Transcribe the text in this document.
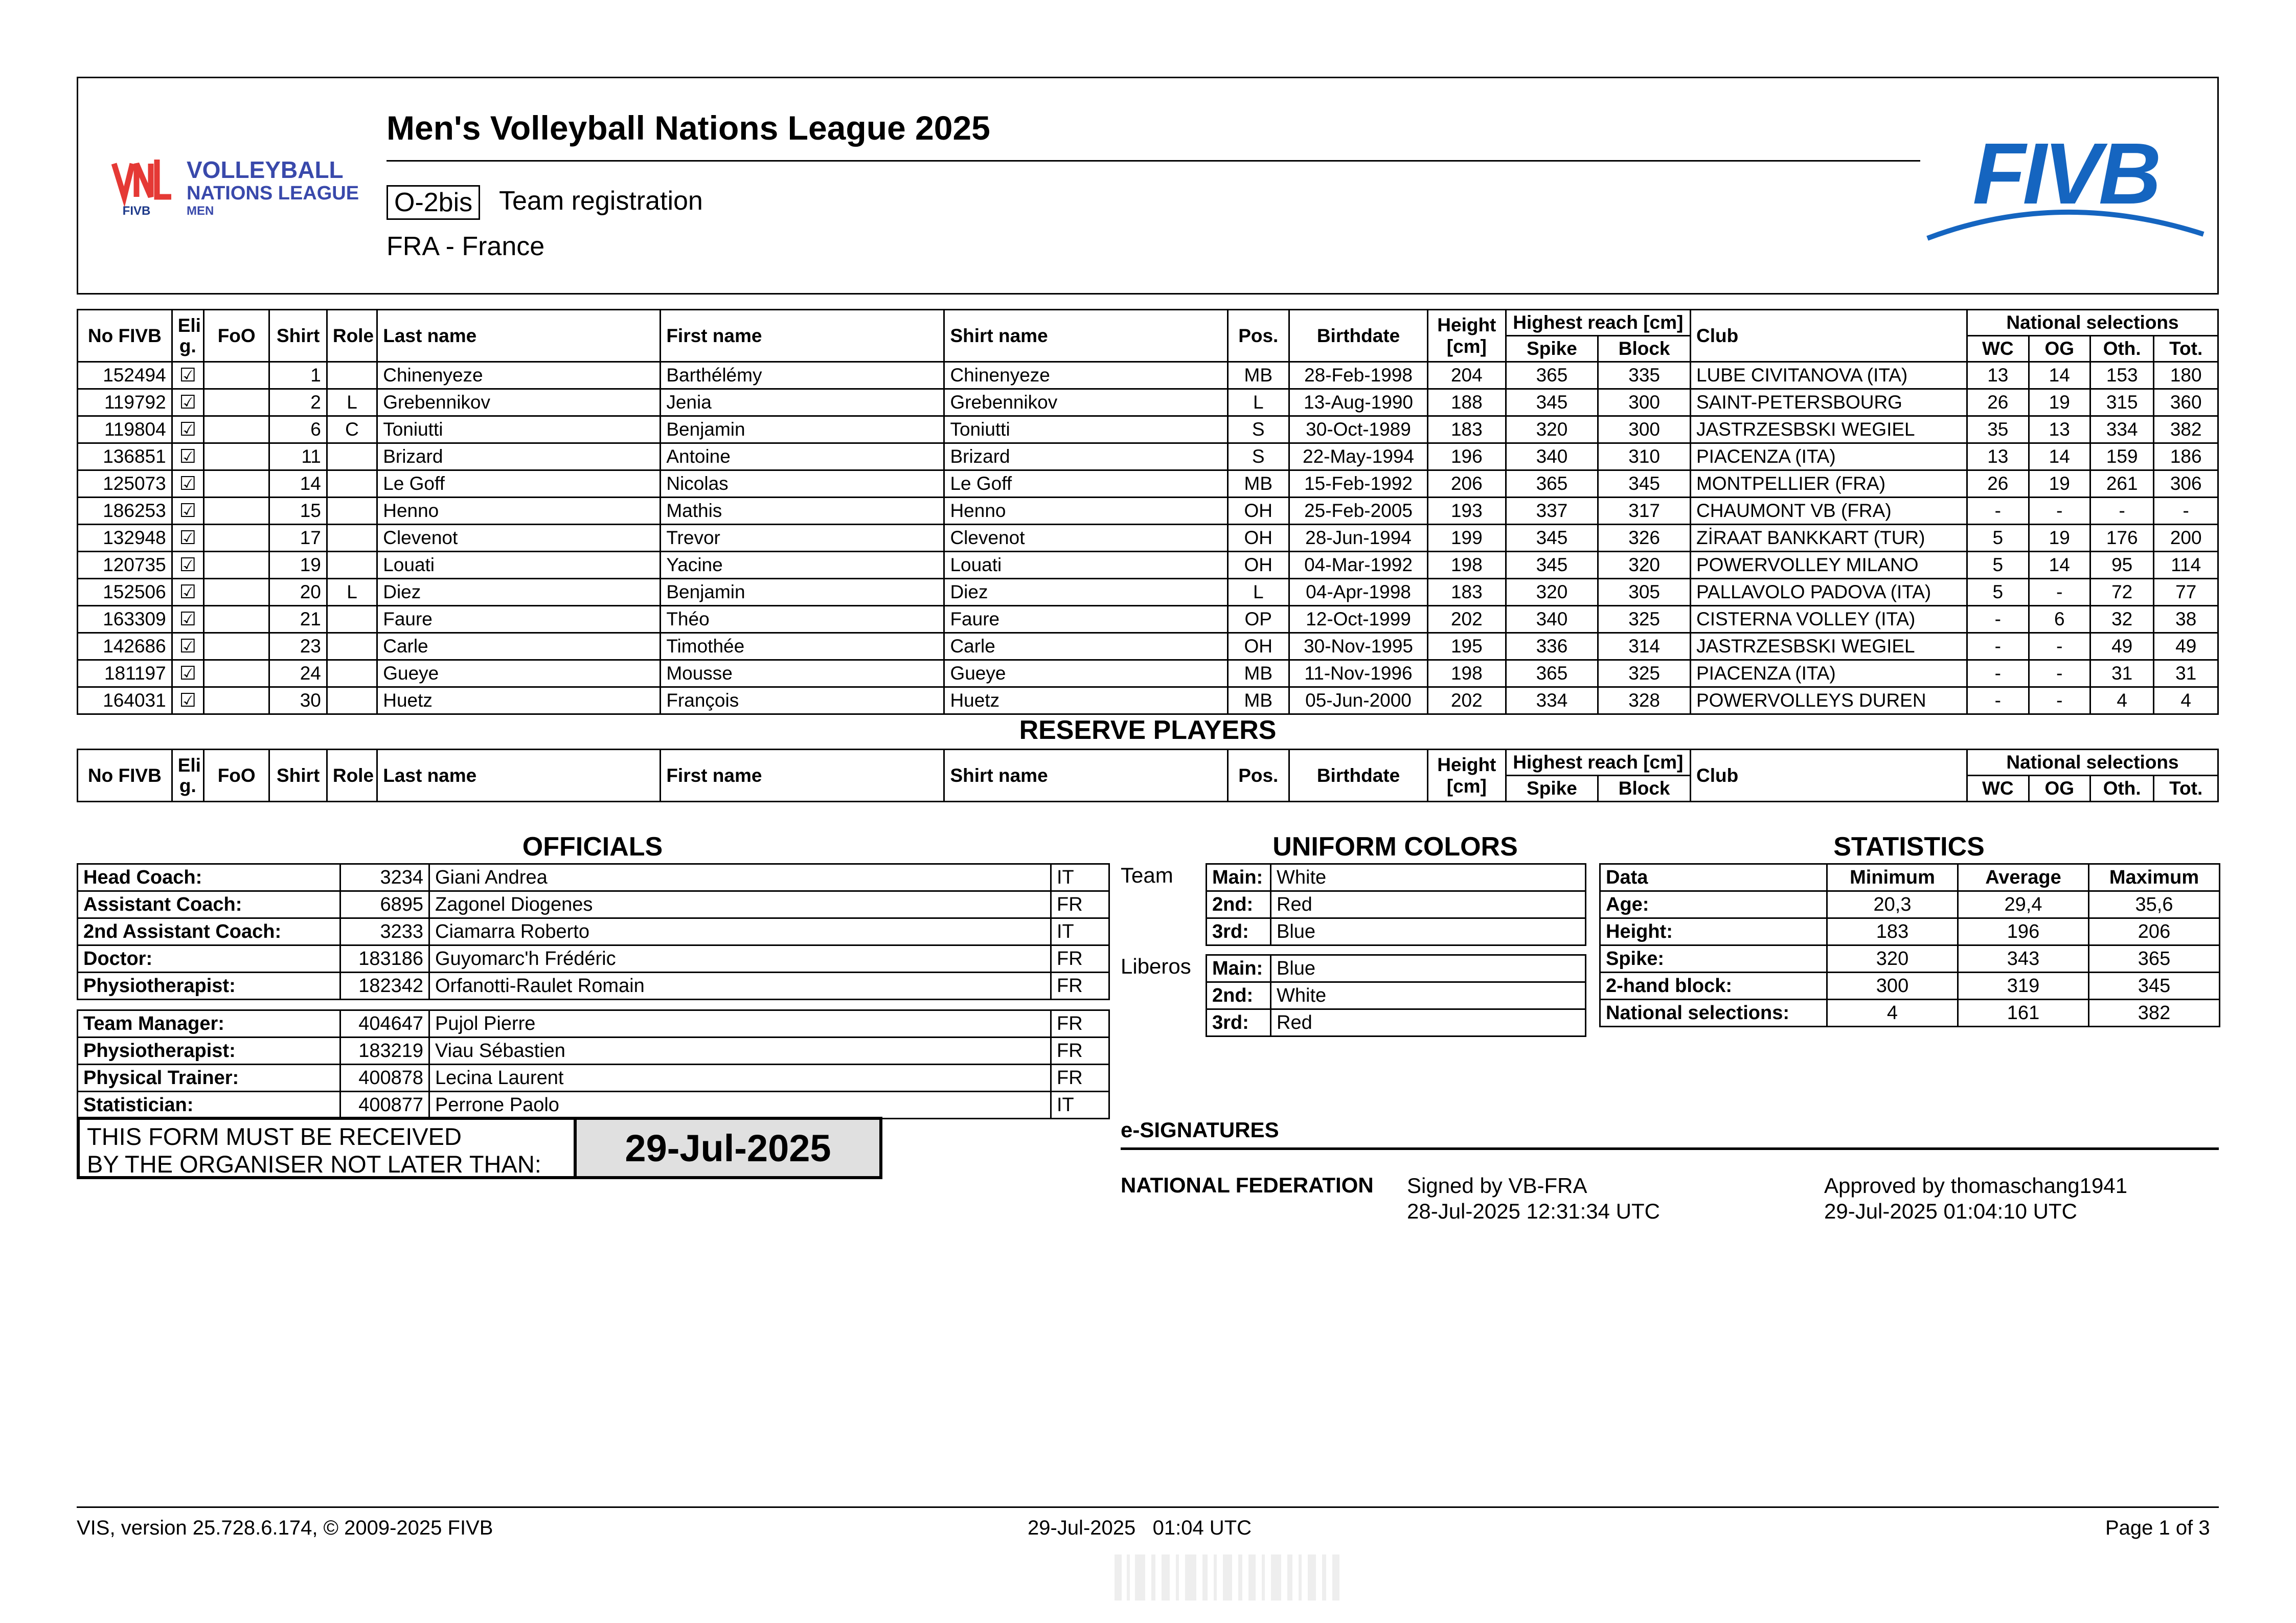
FIVB
VOLLEYBALL
NATIONS LEAGUE
MEN
Men's Volleyball Nations League 2025
O-2bis Team registration
FRA - France
FIVB
No FIVB	Eli g.	FoO	Shirt	Role	Last name	First name	Shirt name	Pos.	Birthdate	Height [cm]	Highest reach [cm]		Club	National selections			
											Spike	Block		WC	OG	Oth.	Tot.
152494	☑		1		Chinenyeze	Barthélémy	Chinenyeze	MB	28-Feb-1998	204	365	335	LUBE CIVITANOVA (ITA)	13	14	153	180
119792	☑		2	L	Grebennikov	Jenia	Grebennikov	L	13-Aug-1990	188	345	300	SAINT-PETERSBOURG	26	19	315	360
119804	☑		6	C	Toniutti	Benjamin	Toniutti	S	30-Oct-1989	183	320	300	JASTRZESBSKI WEGIEL	35	13	334	382
136851	☑		11		Brizard	Antoine	Brizard	S	22-May-1994	196	340	310	PIACENZA (ITA)	13	14	159	186
125073	☑		14		Le Goff	Nicolas	Le Goff	MB	15-Feb-1992	206	365	345	MONTPELLIER (FRA)	26	19	261	306
186253	☑		15		Henno	Mathis	Henno	OH	25-Feb-2005	193	337	317	CHAUMONT VB (FRA)	-	-	-	-
132948	☑		17		Clevenot	Trevor	Clevenot	OH	28-Jun-1994	199	345	326	ZİRAAT BANKKART (TUR)	5	19	176	200
120735	☑		19		Louati	Yacine	Louati	OH	04-Mar-1992	198	345	320	POWERVOLLEY MILANO	5	14	95	114
152506	☑		20	L	Diez	Benjamin	Diez	L	04-Apr-1998	183	320	305	PALLAVOLO PADOVA (ITA)	5	-	72	77
163309	☑		21		Faure	Théo	Faure	OP	12-Oct-1999	202	340	325	CISTERNA VOLLEY (ITA)	-	6	32	38
142686	☑		23		Carle	Timothée	Carle	OH	30-Nov-1995	195	336	314	JASTRZESBSKI WEGIEL	-	-	49	49
181197	☑		24		Gueye	Mousse	Gueye	MB	11-Nov-1996	198	365	325	PIACENZA (ITA)	-	-	31	31
164031	☑		30		Huetz	François	Huetz	MB	05-Jun-2000	202	334	328	POWERVOLLEYS DUREN	-	-	4	4
RESERVE PLAYERS
No FIVB	Eli g.	FoO	Shirt	Role	Last name	First name	Shirt name	Pos.	Birthdate	Height [cm]	Highest reach [cm]		Club	National selections			
											Spike	Block		WC	OG	Oth.	Tot.
OFFICIALS
Head Coach:	3234	Giani Andrea	IT
Assistant Coach:	6895	Zagonel Diogenes	FR
2nd Assistant Coach:	3233	Ciamarra Roberto	IT
Doctor:	183186	Guyomarc'h Frédéric	FR
Physiotherapist:	182342	Orfanotti-Raulet Romain	FR
Team Manager:	404647	Pujol Pierre	FR
Physiotherapist:	183219	Viau Sébastien	FR
Physical Trainer:	400878	Lecina Laurent	FR
Statistician:	400877	Perrone Paolo	IT
UNIFORM COLORS
Team
Liberos
Main:	White
2nd:	Red
3rd:	Blue
Main:	Blue
2nd:	White
3rd:	Red
STATISTICS
Data	Minimum	Average	Maximum
Age:	20,3	29,4	35,6
Height:	183	196	206
Spike:	320	343	365
2-hand block:	300	319	345
National selections:	4	161	382
THIS FORM MUST BE RECEIVED
BY THE ORGANISER NOT LATER THAN:	29-Jul-2025	e-SIGNATURES
NATIONAL FEDERATION Signed by VB-FRA
28-Jul-2025 12:31:34 UTC
Approved by thomaschang1941
29-Jul-2025 01:04:10 UTC
VIS, version 25.728.6.174, © 2009-2025 FIVB	29-Jul-2025   01:04 UTC	Page 1 of 3
